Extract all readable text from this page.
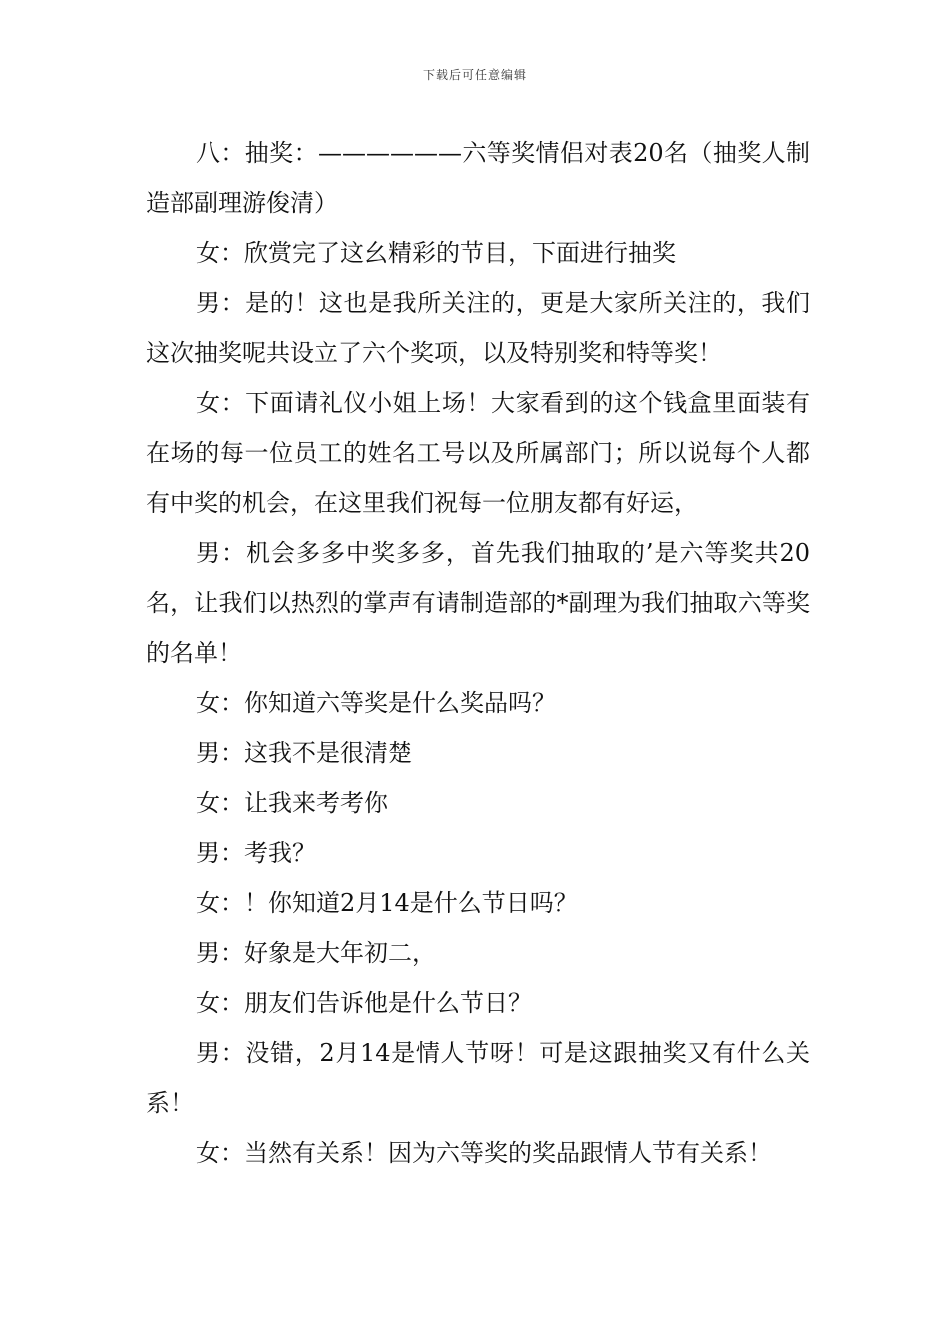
下载后可任意编辑

八：抽奖：——————六等奖情侣对表20名（抽奖人制造部副理游俊清）

女：欣赏完了这幺精彩的节目，下面进行抽奖

男：是的！这也是我所关注的，更是大家所关注的，我们这次抽奖呢共设立了六个奖项，以及特别奖和特等奖！

女：下面请礼仪小姐上场！大家看到的这个钱盒里面装有在场的每一位员工的姓名工号以及所属部门；所以说每个人都有中奖的机会，在这里我们祝每一位朋友都有好运，

男：机会多多中奖多多，首先我们抽取的’是六等奖共20名，让我们以热烈的掌声有请制造部的*副理为我们抽取六等奖的名单！

女：你知道六等奖是什么奖品吗？

男：这我不是很清楚

女：让我来考考你

男：考我？

女：！你知道2月14是什么节日吗？

男：好象是大年初二，

女：朋友们告诉他是什么节日？

男：没错，2月14是情人节呀！可是这跟抽奖又有什么关系！

女：当然有关系！因为六等奖的奖品跟情人节有关系！
